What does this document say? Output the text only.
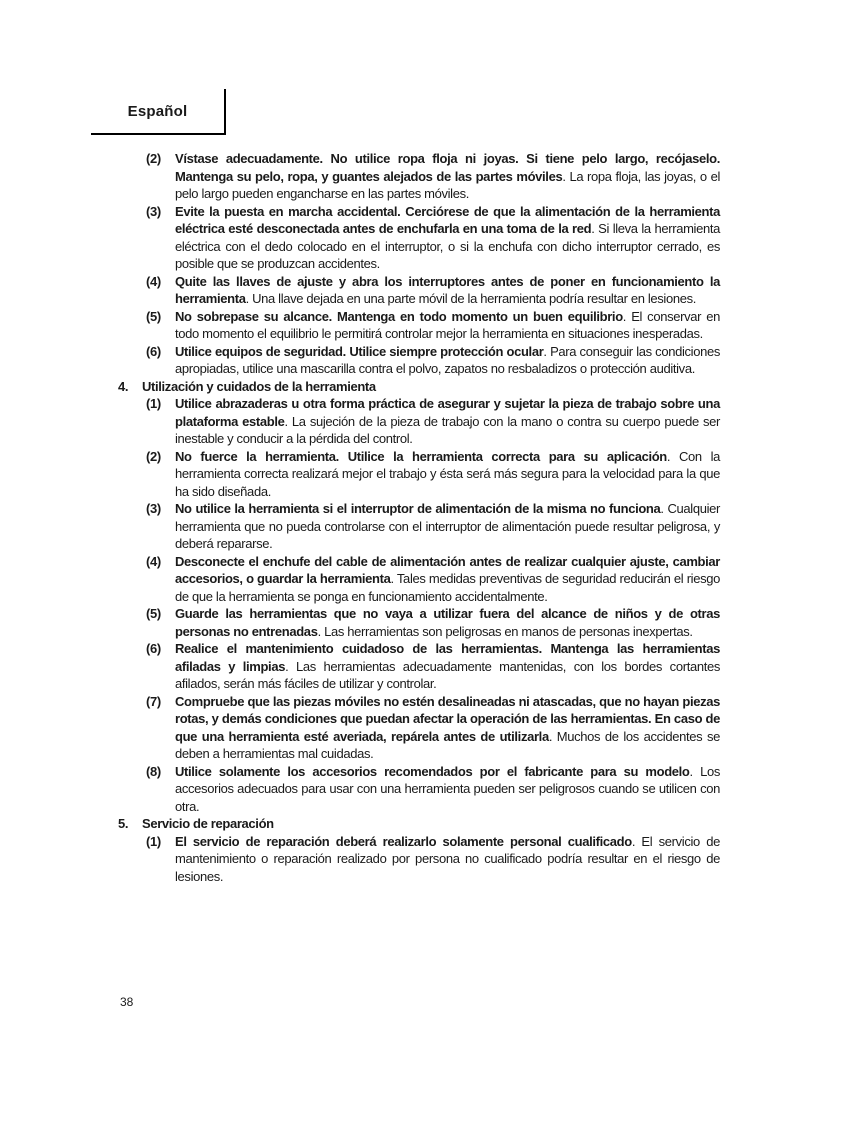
Español
(2)	Vístase adecuadamente. No utilice ropa floja ni joyas. Si tiene pelo largo, recójaselo. Mantenga su pelo, ropa, y guantes alejados de las partes móviles. La ropa floja, las joyas, o el pelo largo pueden engancharse en las partes móviles.

(3)	Evite la puesta en marcha accidental. Cerciórese de que la alimentación de la herramienta eléctrica esté desconectada antes de enchufarla en una toma de la red. Si lleva la herramienta eléctrica con el dedo colocado en el interruptor, o si la enchufa con dicho interruptor cerrado, es posible que se produzcan accidentes.

(4)	Quite las llaves de ajuste y abra los interruptores antes de poner en funcionamiento la herramienta. Una llave dejada en una parte móvil de la herramienta podría resultar en lesiones.

(5)	No sobrepase su alcance. Mantenga en todo momento un buen equilibrio. El conservar en todo momento el equilibrio le permitirá controlar mejor la herramienta en situaciones inesperadas.

(6)	Utilice equipos de seguridad. Utilice siempre protección ocular. Para conseguir las condiciones apropiadas, utilice una mascarilla contra el polvo, zapatos no resbaladizos o protección auditiva.

4.	Utilización y cuidados de la herramienta

(1)	Utilice abrazaderas u otra forma práctica de asegurar y sujetar la pieza de trabajo sobre una plataforma estable. La sujeción de la pieza de trabajo con la mano o contra su cuerpo puede ser inestable y conducir a la pérdida del control.

(2)	No fuerce la herramienta. Utilice la herramienta correcta para su aplicación. Con la herramienta correcta realizará mejor el trabajo y ésta será más segura para la velocidad para la que ha sido diseñada.

(3)	No utilice la herramienta si el interruptor de alimentación de la misma no funciona. Cualquier herramienta que no pueda controlarse con el interruptor de alimentación puede resultar peligrosa, y deberá repararse.

(4)	Desconecte el enchufe del cable de alimentación antes de realizar cualquier ajuste, cambiar accesorios, o guardar la herramienta. Tales medidas preventivas de seguridad reducirán el riesgo de que la herramienta se ponga en funcionamiento accidentalmente.

(5)	Guarde las herramientas que no vaya a utilizar fuera del alcance de niños y de otras personas no entrenadas. Las herramientas son peligrosas en manos de personas inexpertas.

(6)	Realice el mantenimiento cuidadoso de las herramientas. Mantenga las herramientas afiladas y limpias. Las herramientas adecuadamente mantenidas, con los bordes cortantes afilados, serán más fáciles de utilizar y controlar.

(7)	Compruebe que las piezas móviles no estén desalineadas ni atascadas, que no hayan piezas rotas, y demás condiciones que puedan afectar la operación de las herramientas. En caso de que una herramienta esté averiada, repárela antes de utilizarla. Muchos de los accidentes se deben a herramientas mal cuidadas.

(8)	Utilice solamente los accesorios recomendados por el fabricante para su modelo. Los accesorios adecuados para usar con una herramienta pueden ser peligrosos cuando se utilicen con otra.

5.	Servicio de reparación

(1)	El servicio de reparación deberá realizarlo solamente personal cualificado. El servicio de mantenimiento o reparación realizado por persona no cualificado podría resultar en el riesgo de lesiones.

38
